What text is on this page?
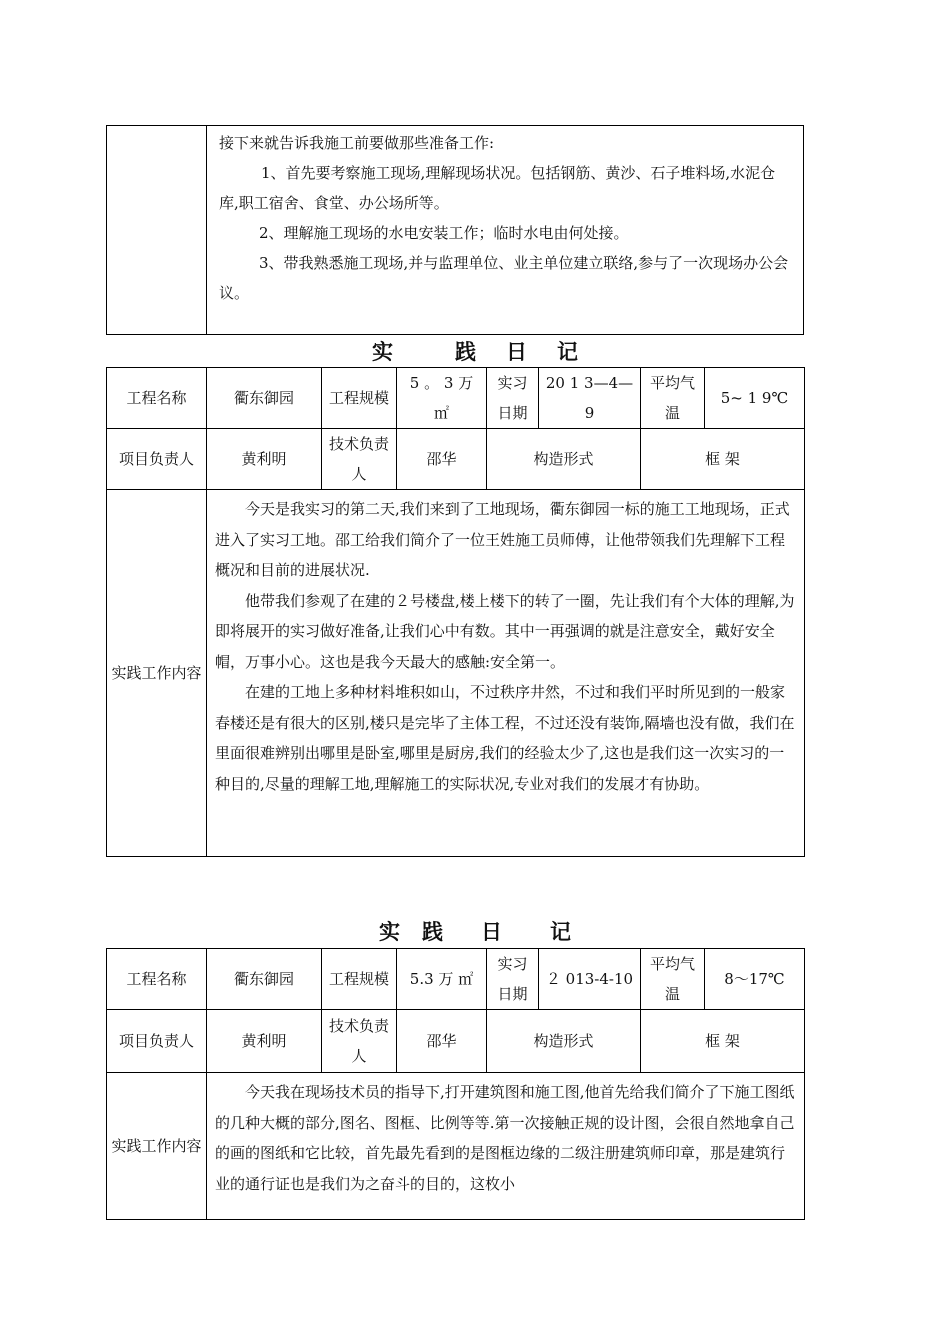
接下来就告诉我施工前要做那些准备工作:

1、首先要考察施工现场,理解现场状况。包括钢筋、黄沙、石子堆料场,水泥仓库,职工宿舍、食堂、办公场所等。

2、理解施工现场的水电安装工作；临时水电由何处接。

3、带我熟悉施工现场,并与监理单位、业主单位建立联络,参与了一次现场办公会议。

实	践 日 记
工程名称	衢东御园	工程规模	5 。 3 万 ㎡	实习日期	20 1 3—4—9	平均气温	5~ 1 9℃
项目负责人	黄利明	技术负责人	邵华	构造形式		框 架	
实践工作内容	今天是我实习的第二天,我们来到了工地现场，衢东御园一标的施工工地现场，正式进入了实习工地。邵工给我们简介了一位王姓施工员师傅，让他带领我们先理解下工程概况和目前的进展状况.

他带我们参观了在建的２号楼盘,楼上楼下的转了一圈，先让我们有个大体的理解,为即将展开的实习做好准备,让我们心中有数。其中一再强调的就是注意安全，戴好安全帽，万事小心。这也是我今天最大的感触:安全第一。

在建的工地上多种材料堆积如山，不过秩序井然，不过和我们平时所见到的一般家春楼还是有很大的区别,楼只是完毕了主体工程，不过还没有装饰,隔墙也没有做，我们在里面很难辨别出哪里是卧室,哪里是厨房,我们的经验太少了,这也是我们这一次实习的一种目的,尽量的理解工地,理解施工的实际状况,专业对我们的发展才有协助。						

实 践 日 记
工程名称	衢东御园	工程规模	5.3 万 ㎡	实习日期	２ 013-4-10	平均气温	8～17℃
项目负责人	黄利明	技术负责人	邵华	构造形式		框 架	
实践工作内容	今天我在现场技术员的指导下,打开建筑图和施工图,他首先给我们简介了下施工图纸的几种大概的部分,图名、图框、比例等等.第一次接触正规的设计图，会很自然地拿自己的画的图纸和它比较，首先最先看到的是图框边缘的二级注册建筑师印章，那是建筑行业的通行证也是我们为之奋斗的目的，这枚小						
